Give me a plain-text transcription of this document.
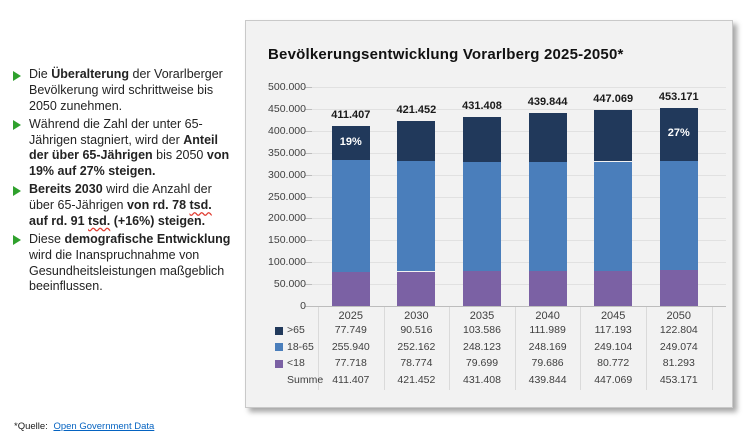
Die Überalterung der Vorarlberger Bevölkerung wird schrittweise bis 2050 zunehmen.
Während die Zahl der unter 65-Jährigen stagniert, wird der Anteil der über 65-Jährigen bis 2050 von 19% auf 27% steigen.
Bereits 2030 wird die Anzahl der über 65-Jährigen von rd. 78 tsd. auf rd. 91 tsd. (+16%) steigen.
Diese demografische Entwicklung wird die Inanspruchnahme von Gesundheitsleistungen maßgeblich beeinflussen.
*Quelle: Open Government Data
Bevölkerungsentwicklung Vorarlberg 2025-2050*
500.000
450.000
400.000
350.000
300.000
250.000
200.000
150.000
100.000
50.000
0
411.407
2025
421.452
2030
431.408
2035
439.844
2040
447.069
2045
453.171
2050
19%
27%
>65	77.749	90.516	103.586	111.989	117.193	122.804
18-65	255.940	252.162	248.123	248.169	249.104	249.074
<18	77.718	78.774	79.699	79.686	80.772	81.293
Summe 411.407	421.452	431.408	439.844	447.069	453.171
